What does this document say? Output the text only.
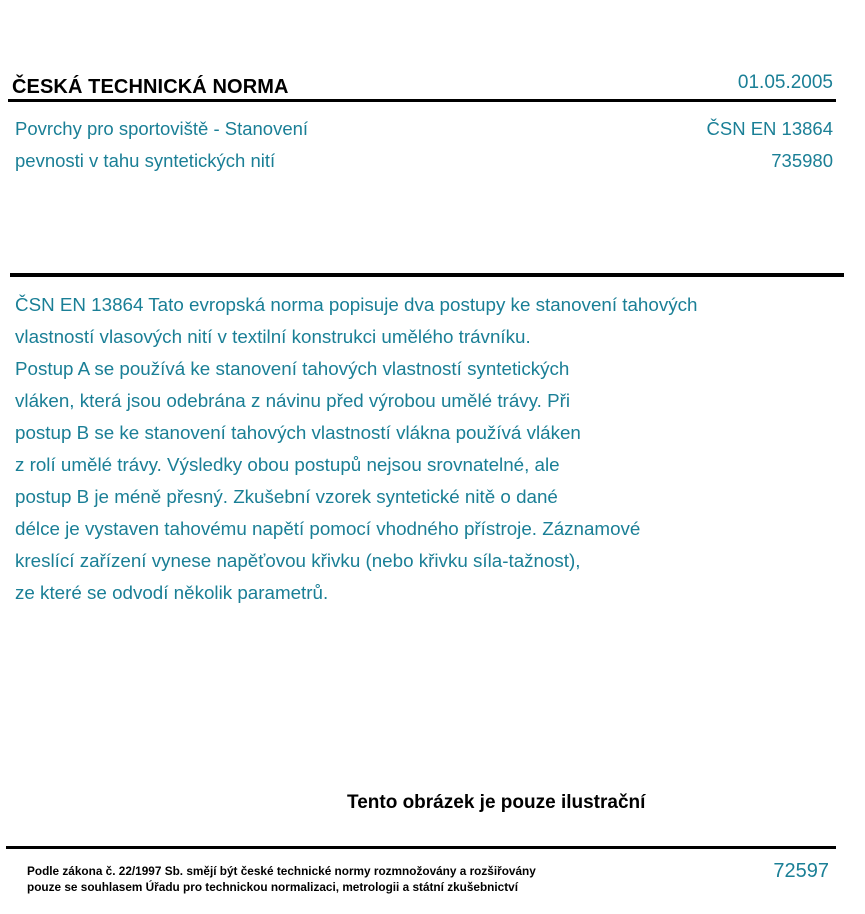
ČESKÁ TECHNICKÁ NORMA	01.05.2005
Povrchy pro sportoviště - Stanovení
pevnosti v tahu syntetických nití
ČSN EN 13864
735980
ČSN EN 13864 Tato evropská norma popisuje dva postupy ke stanovení tahových
vlastností vlasových nití v textilní konstrukci umělého trávníku.
Postup A se používá ke stanovení tahových vlastností syntetických
vláken, která jsou odebrána z návinu před výrobou umělé trávy. Při
postup B se ke stanovení tahových vlastností vlákna používá vláken
z rolí umělé trávy. Výsledky obou postupů nejsou srovnatelné, ale
postup B je méně přesný. Zkušební vzorek syntetické nitě o dané
délce je vystaven tahovému napětí pomocí vhodného přístroje. Záznamové
kreslící zařízení vynese napěťovou křivku (nebo křivku síla-tažnost),
ze které se odvodí několik parametrů.
Tento obrázek je pouze ilustrační
Podle zákona č. 22/1997 Sb. smějí být české technické normy rozmnožovány a rozšiřovány
pouze se souhlasem Úřadu pro technickou normalizaci, metrologii a státní zkušebnictví
72597
